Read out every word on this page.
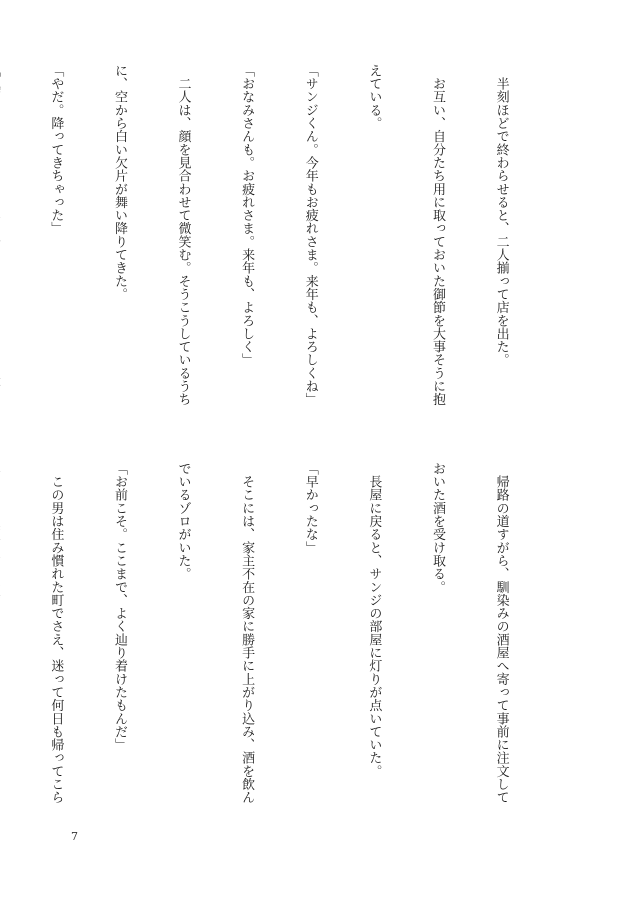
　半刻ほどで終わらせると、二人揃って店を出た。

　お互い、自分たち用に取っておいた御節を大事そうに抱

えている。

「サンジくん。今年もお疲れさま。来年も、よろしくね」

「おなみさんも。お疲れさま。来年も、よろしく」

　二人は、顔を見合わせて微笑む。そうこうしているうち

に、空から白い欠片が舞い降りてきた。

「やだ。降ってきちゃった」

　帰路の道すがら、馴染みの酒屋へ寄って事前に注文して

おいた酒を受け取る。

　長屋に戻ると、サンジの部屋に灯りが点いていた。

「早かったな」

　そこには、家主不在の家に勝手に上がり込み、酒を飲ん

でいるゾロがいた。

「お前こそ。ここまで、よく辿り着けたもんだ」

　この男は住み慣れた町でさえ、迷って何日も帰ってこら

7
